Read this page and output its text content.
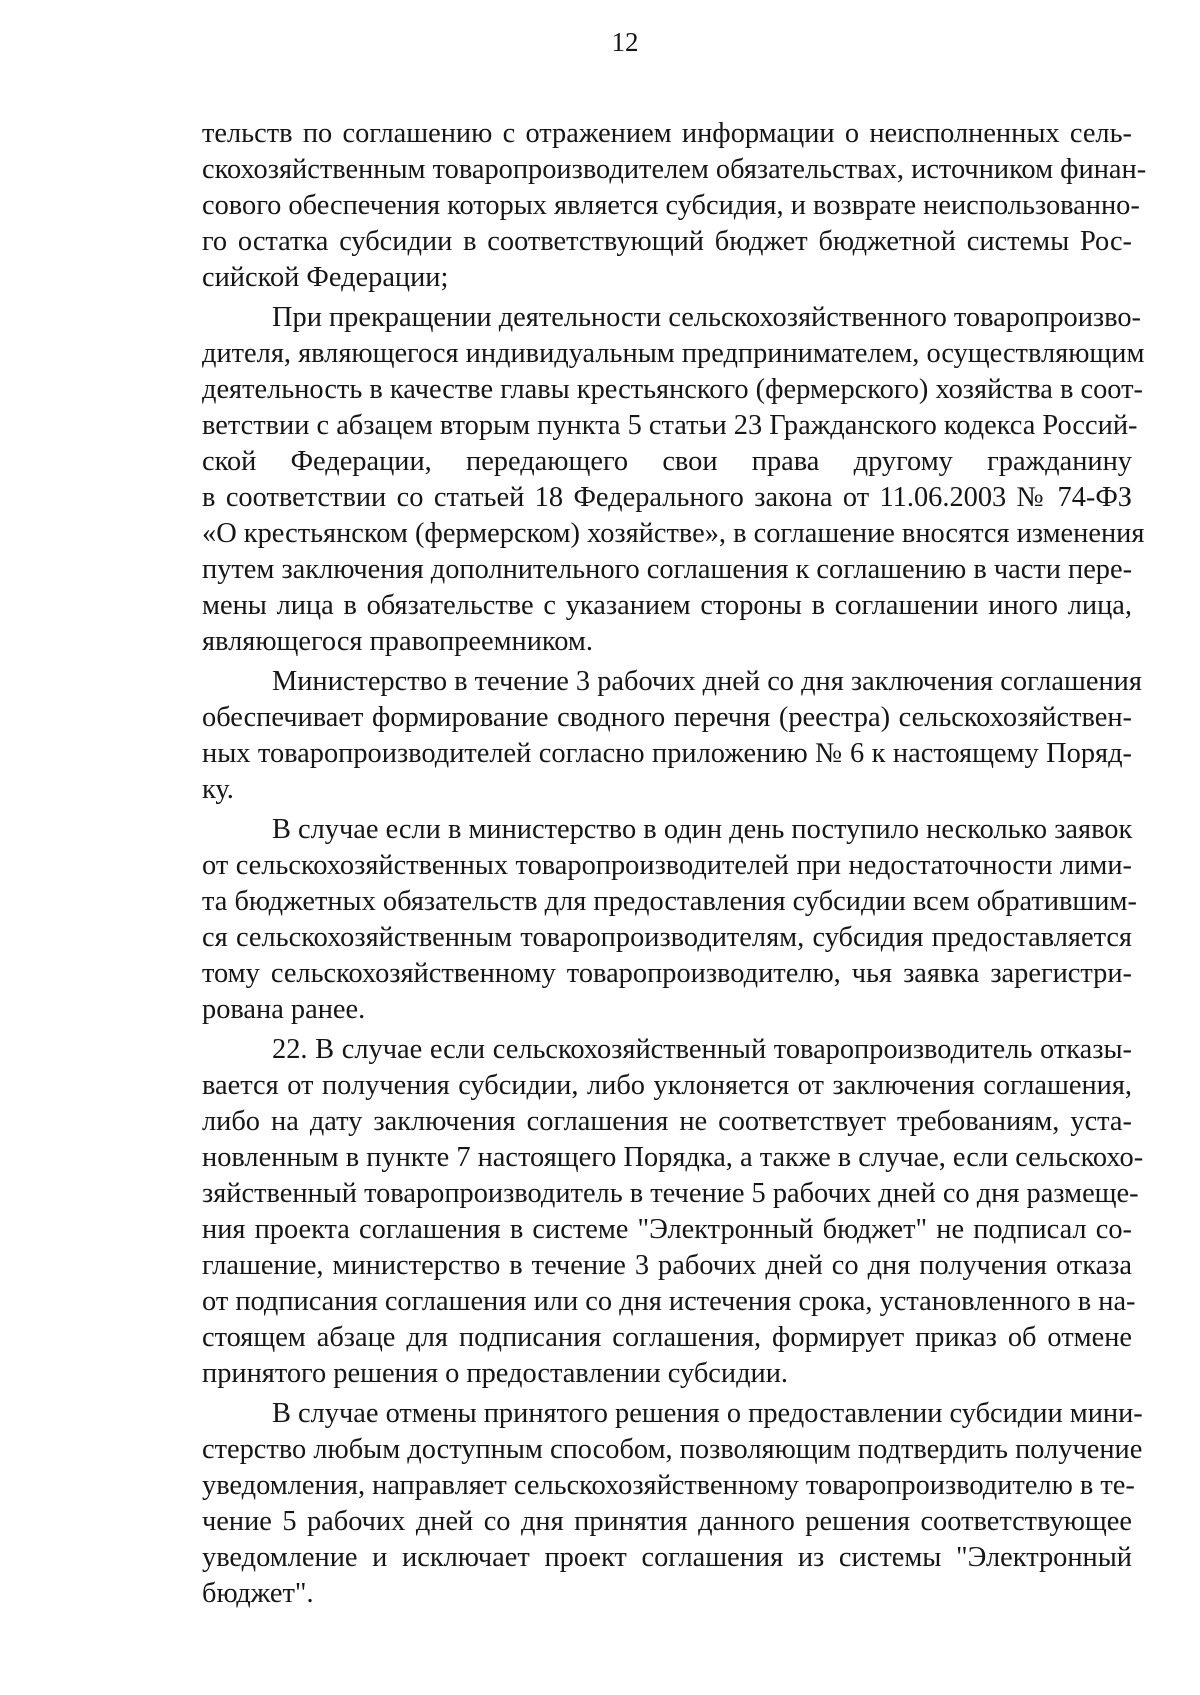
12
тельств по соглашению с отражением информации о неисполненных сель-
скохозяйственным товаропроизводителем обязательствах, источником финан-
сового обеспечения которых является субсидия, и возврате неиспользованно-
го остатка субсидии в соответствующий бюджет бюджетной системы Рос-
сийской Федерации;
При прекращении деятельности сельскохозяйственного товаропроизво-
дителя, являющегося индивидуальным предпринимателем, осуществляющим
деятельность в качестве главы крестьянского (фермерского) хозяйства в соот-
ветствии с абзацем вторым пункта 5 статьи 23 Гражданского кодекса Россий-
ской Федерации, передающего свои права другому гражданину
в соответствии со статьей 18 Федерального закона от 11.06.2003 № 74-ФЗ
«О крестьянском (фермерском) хозяйстве», в соглашение вносятся изменения
путем заключения дополнительного соглашения к соглашению в части пере-
мены лица в обязательстве с указанием стороны в соглашении иного лица,
являющегося правопреемником.
Министерство в течение 3 рабочих дней со дня заключения соглашения
обеспечивает формирование сводного перечня (реестра) сельскохозяйствен-
ных товаропроизводителей согласно приложению № 6 к настоящему Поряд-
ку.
В случае если в министерство в один день поступило несколько заявок
от сельскохозяйственных товаропроизводителей при недостаточности лими-
та бюджетных обязательств для предоставления субсидии всем обратившим-
ся сельскохозяйственным товаропроизводителям, субсидия предоставляется
тому сельскохозяйственному товаропроизводителю, чья заявка зарегистри-
рована ранее.
22. В случае если сельскохозяйственный товаропроизводитель отказы-
вается от получения субсидии, либо уклоняется от заключения соглашения,
либо на дату заключения соглашения не соответствует требованиям, уста-
новленным в пункте 7 настоящего Порядка, а также в случае, если сельскохо-
зяйственный товаропроизводитель в течение 5 рабочих дней со дня размеще-
ния проекта соглашения в системе "Электронный бюджет" не подписал со-
глашение, министерство в течение 3 рабочих дней со дня получения отказа
от подписания соглашения или со дня истечения срока, установленного в на-
стоящем абзаце для подписания соглашения, формирует приказ об отмене
принятого решения о предоставлении субсидии.
В случае отмены принятого решения о предоставлении субсидии мини-
стерство любым доступным способом, позволяющим подтвердить получение
уведомления, направляет сельскохозяйственному товаропроизводителю в те-
чение 5 рабочих дней со дня принятия данного решения соответствующее
уведомление и исключает проект соглашения из системы "Электронный
бюджет".
